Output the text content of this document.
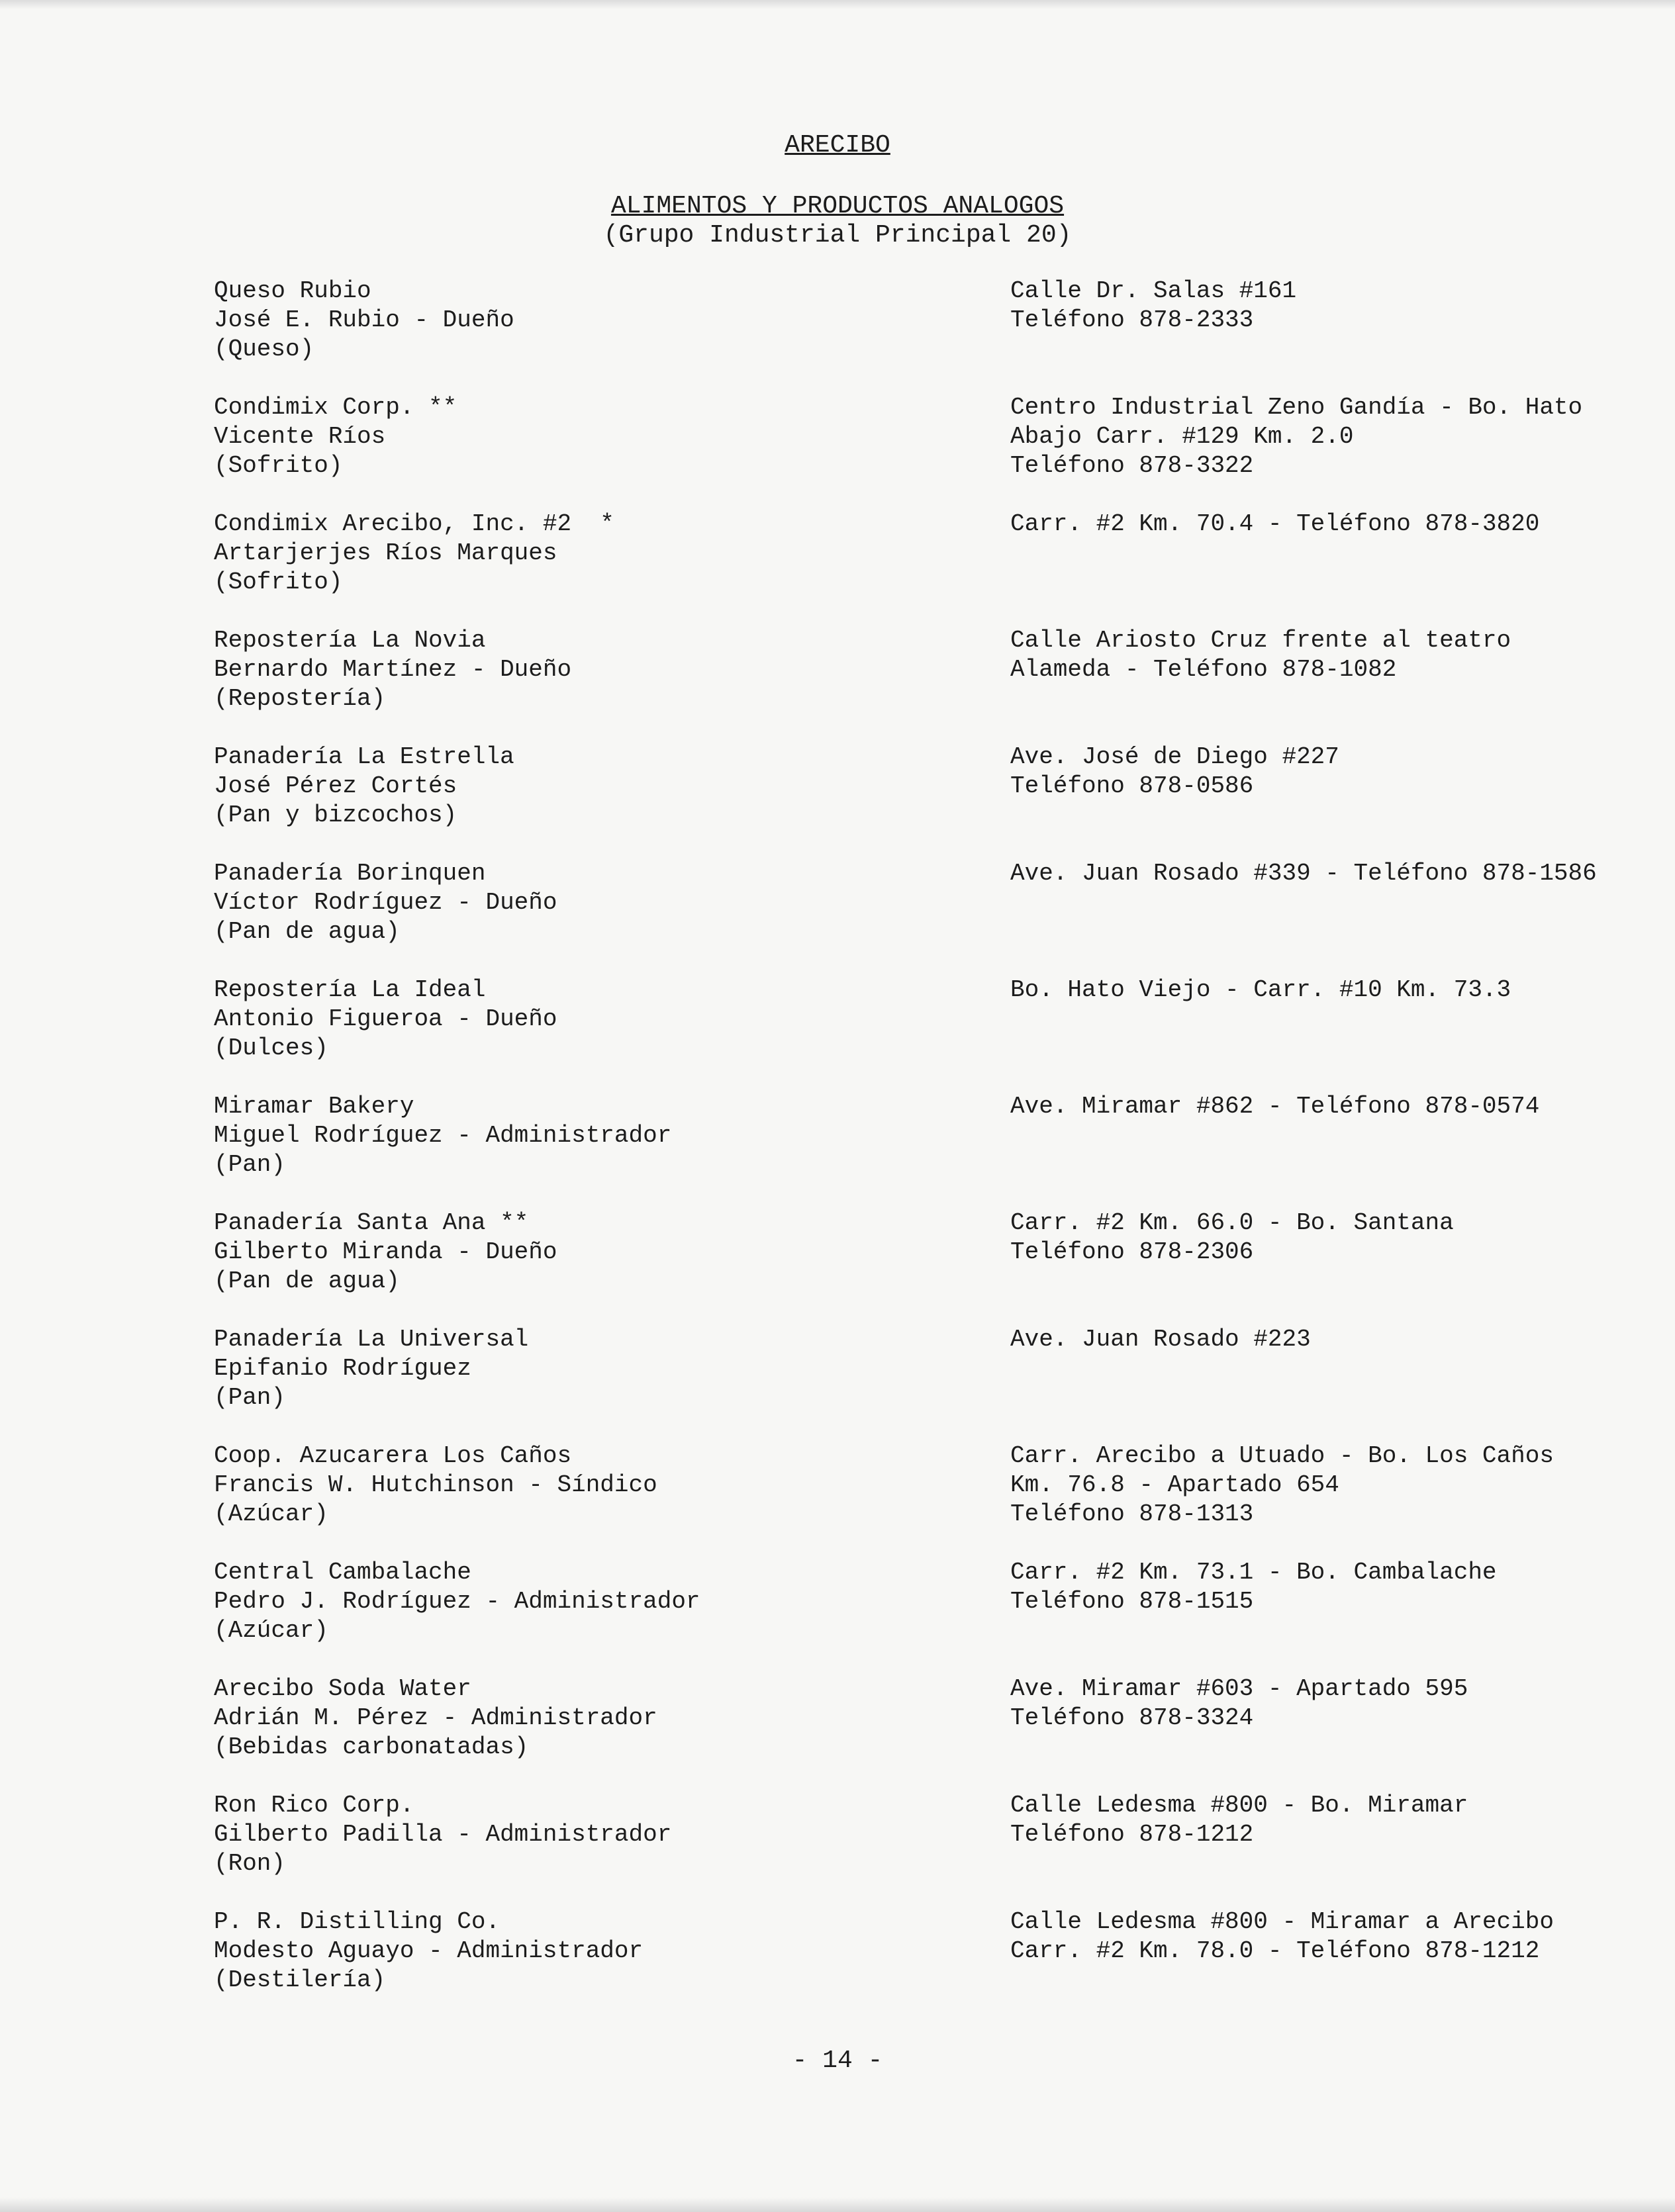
ARECIBO
ALIMENTOS Y PRODUCTOS ANALOGOS
(Grupo Industrial Principal 20)
Queso Rubio
José E. Rubio - Dueño
(Queso)
Calle Dr. Salas #161
Teléfono 878-2333
Condimix Corp. **
Vicente Ríos
(Sofrito)
Centro Industrial Zeno Gandía - Bo. Hato
Abajo Carr. #129 Km. 2.0
Teléfono 878-3322
Condimix Arecibo, Inc. #2  *
Artarjerjes Ríos Marques
(Sofrito)
Carr. #2 Km. 70.4 - Teléfono 878-3820
Repostería La Novia
Bernardo Martínez - Dueño
(Repostería)
Calle Ariosto Cruz frente al teatro
Alameda - Teléfono 878-1082
Panadería La Estrella
José Pérez Cortés
(Pan y bizcochos)
Ave. José de Diego #227
Teléfono 878-0586
Panadería Borinquen
Víctor Rodríguez - Dueño
(Pan de agua)
Ave. Juan Rosado #339 - Teléfono 878-1586
Repostería La Ideal
Antonio Figueroa - Dueño
(Dulces)
Bo. Hato Viejo - Carr. #10 Km. 73.3
Miramar Bakery
Miguel Rodríguez - Administrador
(Pan)
Ave. Miramar #862 - Teléfono 878-0574
Panadería Santa Ana **
Gilberto Miranda - Dueño
(Pan de agua)
Carr. #2 Km. 66.0 - Bo. Santana
Teléfono 878-2306
Panadería La Universal
Epifanio Rodríguez
(Pan)
Ave. Juan Rosado #223
Coop. Azucarera Los Caños
Francis W. Hutchinson - Síndico
(Azúcar)
Carr. Arecibo a Utuado - Bo. Los Caños
Km. 76.8 - Apartado 654
Teléfono 878-1313
Central Cambalache
Pedro J. Rodríguez - Administrador
(Azúcar)
Carr. #2 Km. 73.1 - Bo. Cambalache
Teléfono 878-1515
Arecibo Soda Water
Adrián M. Pérez - Administrador
(Bebidas carbonatadas)
Ave. Miramar #603 - Apartado 595
Teléfono 878-3324
Ron Rico Corp.
Gilberto Padilla - Administrador
(Ron)
Calle Ledesma #800 - Bo. Miramar
Teléfono 878-1212
P. R. Distilling Co.
Modesto Aguayo - Administrador
(Destilería)
Calle Ledesma #800 - Miramar a Arecibo
Carr. #2 Km. 78.0 - Teléfono 878-1212
- 14 -
